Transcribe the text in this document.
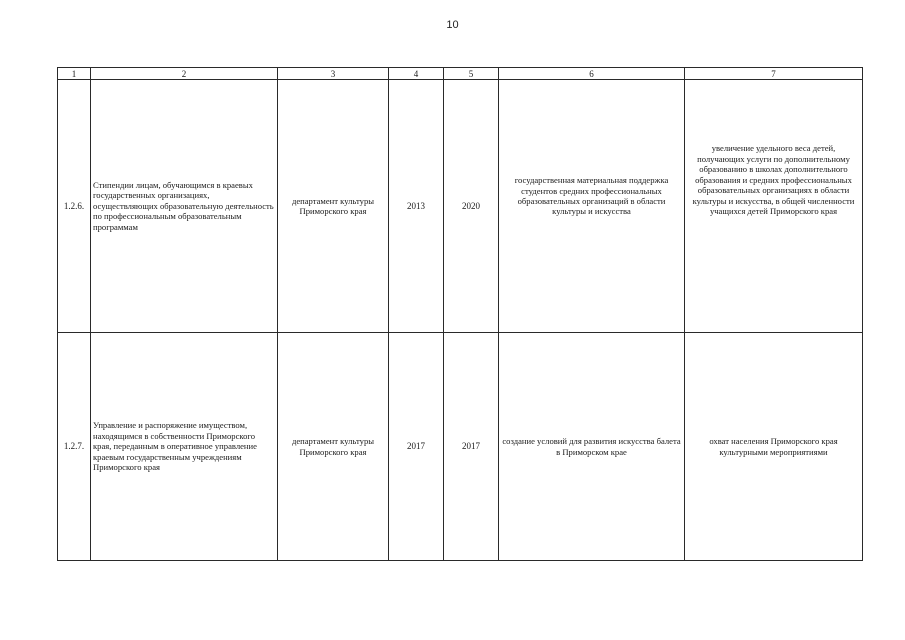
10
1	2	3	4	5	6	7
1.2.6.	Стипендии лицам, обучающимся в краевых государственных организациях, осуществляющих образовательную деятельность по профессиональным образовательным программам	департамент культуры Приморского края	2013	2020	государственная материальная поддержка студентов средних профессиональных образовательных организаций в области культуры и искусства	увеличение удельного веса детей, получающих услуги по дополнительному образованию в школах дополнительного образования и средних профессиональных образовательных организациях в области культуры и искусства, в общей численности учащихся детей Приморского края

1.2.7.	Управление и распоряжение имуществом, находящимся в собственности Приморского края, переданным в оперативное управление краевым государственным учреждениям Приморского края	департамент культуры Приморского края	2017	2017	создание условий для развития искусства балета в Приморском крае	охват населения Приморского края культурными мероприятиями
